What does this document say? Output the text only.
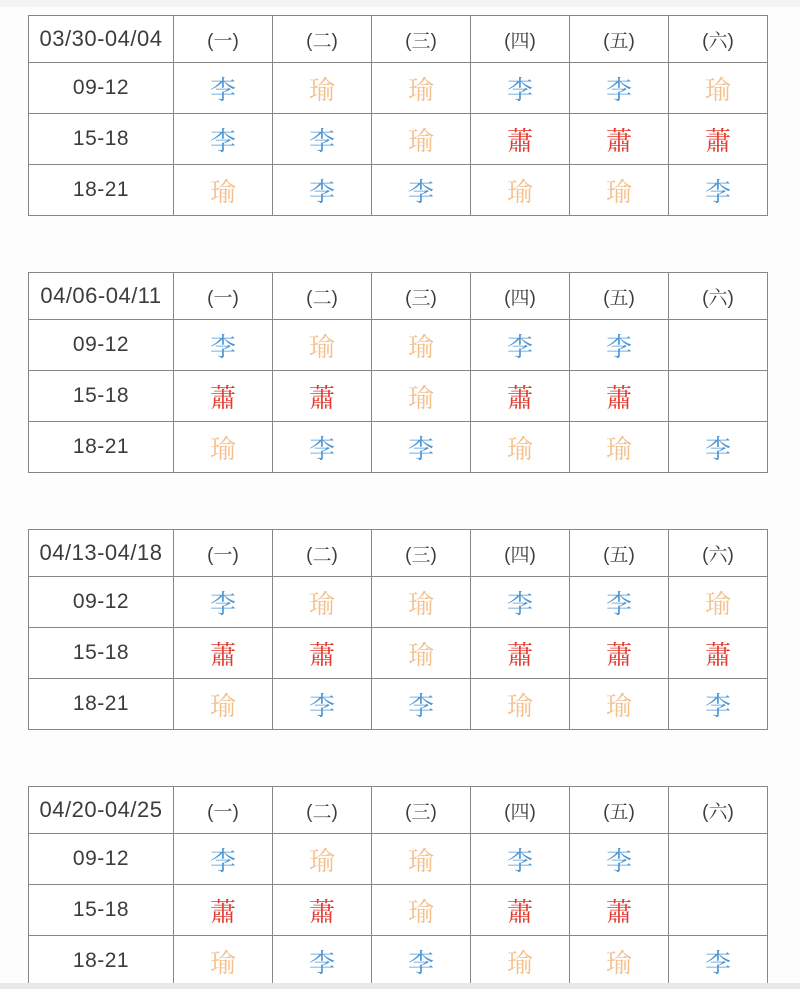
03/30-04/04	(一)	(二)	(三)	(四)	(五)	(六)
09-12	李	瑜	瑜	李	李	瑜
15-18	李	李	瑜	蕭	蕭	蕭
18-21	瑜	李	李	瑜	瑜	李
04/06-04/11	(一)	(二)	(三)	(四)	(五)	(六)
09-12	李	瑜	瑜	李	李	
15-18	蕭	蕭	瑜	蕭	蕭	
18-21	瑜	李	李	瑜	瑜	李
04/13-04/18	(一)	(二)	(三)	(四)	(五)	(六)
09-12	李	瑜	瑜	李	李	瑜
15-18	蕭	蕭	瑜	蕭	蕭	蕭
18-21	瑜	李	李	瑜	瑜	李
04/20-04/25	(一)	(二)	(三)	(四)	(五)	(六)
09-12	李	瑜	瑜	李	李	
15-18	蕭	蕭	瑜	蕭	蕭	
18-21	瑜	李	李	瑜	瑜	李
